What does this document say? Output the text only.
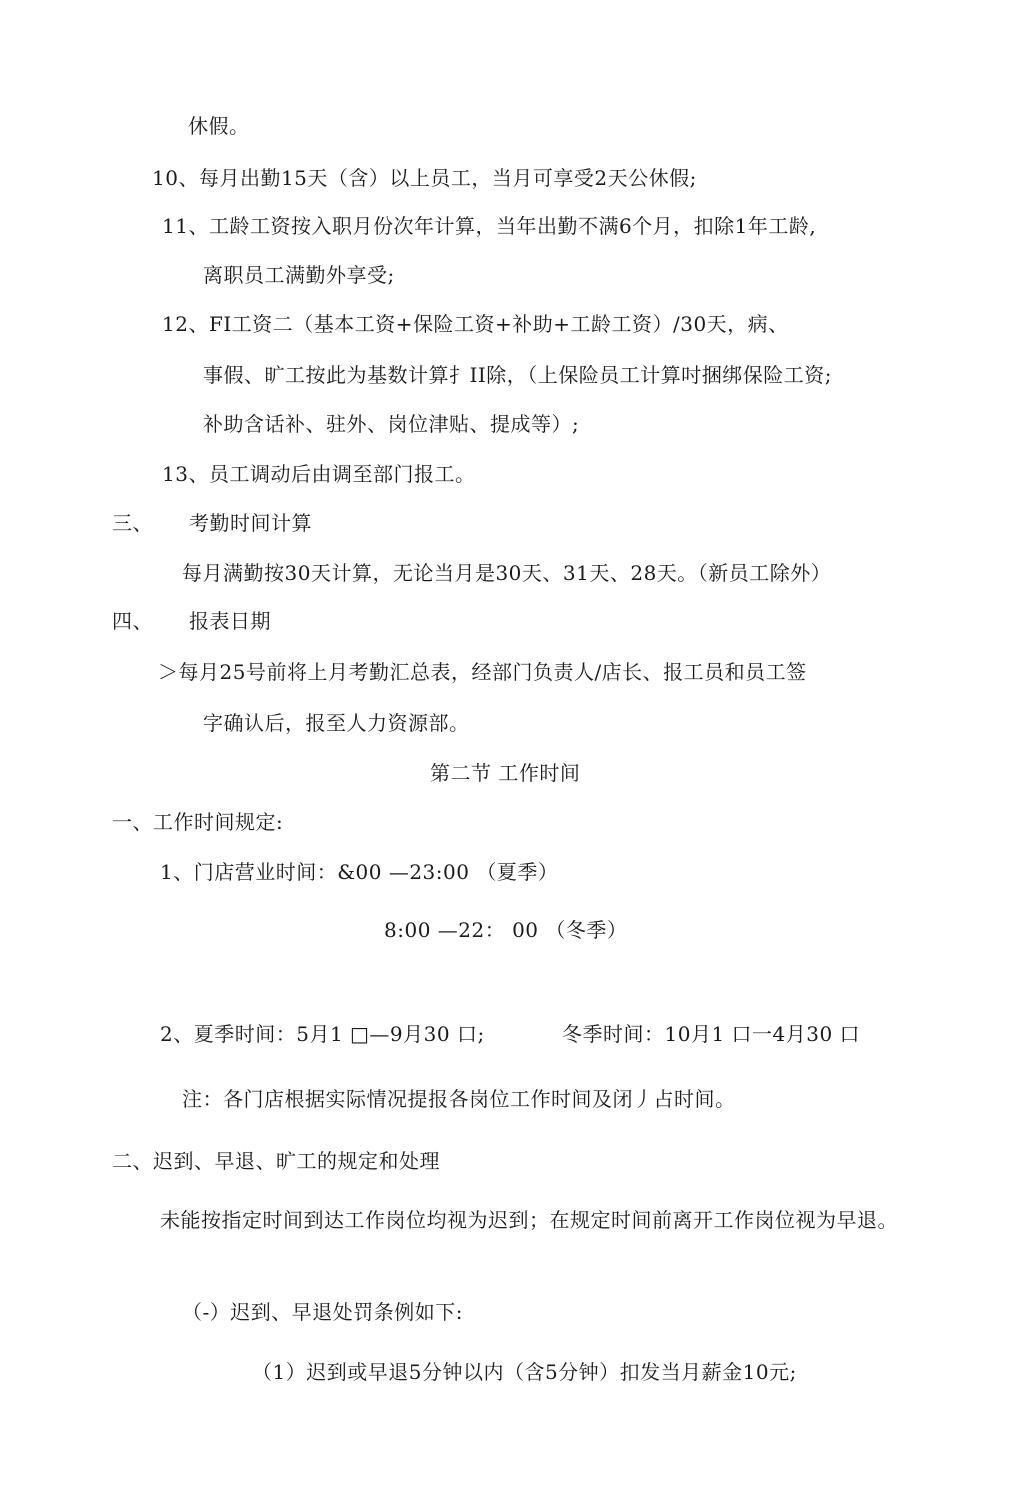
休假。
10、每月出勤15天（含）以上员工，当月可享受2天公休假;
11、工龄工资按入职月份次年计算，当年出勤不满6个月，扣除1年工龄,
离职员工满勤外享受;
12、FI工资二（基本工资+保险工资+补助+工龄工资）/30天，病、
事假、旷工按此为基数计算扌II除，（上保险员工计算吋捆绑保险工资;
补助含话补、驻外、岗位津贴、提成等）;
13、员工调动后由调至部门报工。
三、 考勤时间计算
每月满勤按30天计算，无论当月是30天、31天、28天。（新员工除外）
四、 报表日期
＞每月25号前将上月考勤汇总表，经部门负责人/店长、报工员和员工签
字确认后，报至人力资源部。
第二节 工作时间
一、工作时间规定:
1、门店营业时间：&00 —23:00 （夏季）
8:00 —22： 00 （冬季）
2、夏季时间：5月1 □—9月30 口;	冬季时间：10月1 口一4月30 口
注：各门店根据实际情况提报各岗位工作时间及闭丿占时间。
二、迟到、早退、旷工的规定和处理
未能按指定时间到达工作岗位均视为迟到；在规定时间前离开工作岗位视为早退。
（-）迟到、早退处罚条例如下:
（1）迟到或早退5分钟以内（含5分钟）扣发当月薪金10元;
